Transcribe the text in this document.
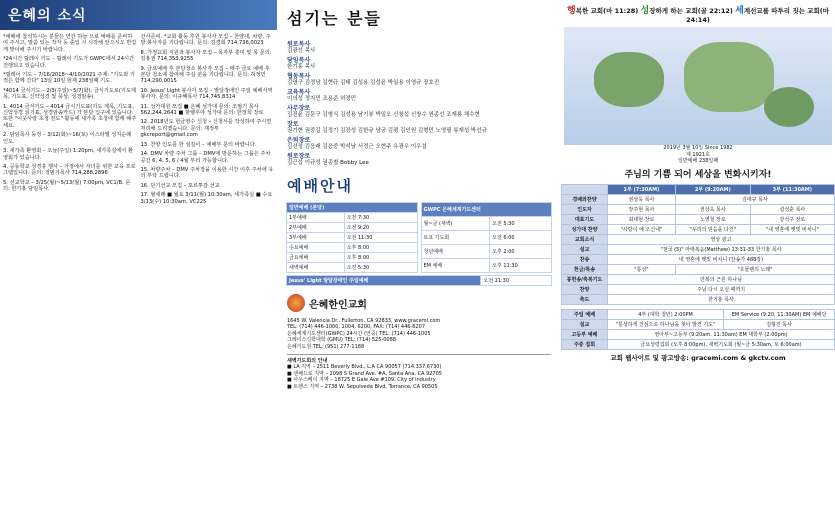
은혜의 소식

*예배에 참석하시는 분들은 연간 하늘 으로 예배를 준비하여 주시고, 말씀 있는 작자 등 출입 시 시작해 앞으시오 반갑게 맞이해 주시기 바랍니다.

*24시간 릴레이 기도 – 릴레이 기도가 GWPC에서 24시간 진행되고 있습니다.

*릴레이 기도 – 7/16/2018~4/10/2021 주제: "기도와 기적은 함께 간다" 13일 10일 현재 238일째 기도.

*4014 금식기도 – 2/3(주일)~5/7(화), 금식기도로(기도제목, 기도표, 신약성경 및 묵상, 성경암송)

1. 4014 금식기도 – 4014 금식기도표(기도 제목, 기도표, 신약성경 읽기표, 성경암송카드) 가 본당 입구에 있습니다. 또한 "이웃사랑 초청 전도" 활동에 새가족 초청에 함께 해주세요.

2. 담임목사 동정 – 3/12(화)~16(토) 이스라엘 성지순례 인도.

3. 새가족 환영회 – 오늘(주일) 1:20pm, 새가족실에서 환영회가 있습니다.

4. 공동학교 성경휴 행사 – 가정에서 자녀를 위한 교육 프로그램입니다. 문의: 정범기목사 714,288,2896

5. 선교학교 – 3/25(월)~5/13(월) 7:00pm, VC1/B. 문의: 한기홍 담임목사.

간사준비. *교회 활동 후원 봉사자 모집 – 찬양대, 차량, 주방 봉사자를 기다립니다. 문의: 김경회 714,736,0023

8. 가정교회 지원과 봉사자 모집 – 목자부 흥미 및 목 문의: 김홍권 714,353,9255

9. 금요예배 후 본당청소 봉사자 모집 – 매주 금요 예배 후 본당 청소에 참여해 주실 분을 기다립니다. 문의: 허정민 714,290,0015

10. Jesus' Light 봉사자 모집 – 발달장애인 주일 예배사역 봉사자. 문의: 이규혜목사 714,745,8314

11. 성가대원 모집 ■ 은혜 성가대 문의: 조필기 목사 562,244,2641 ■ 할렐루야 성가대 문의: 한정희 장로

12. 2018년도 헌금영수 신청 – 신청서를 작성하여 주시면 처리해 드리겠습니다. 문의: 재정부 gkcreport@gmail.com

13. 찬양 인도를 한 섬김이 – 예배부 문의 바랍니다.

14. DMV 차량 주차 그룹 – DMV에 방문하는 그룹은 주차 공간 6, 4, 5, 6 / 4월 부터 가능합니다.

15. 차량주차 – DMV 주차장을 이용한 시간 이후 주차에 유의 부탁 드립니다.

16. 단기선교 모집 – 포르투갈 선교

17. 혈세례 ■ 월요 3/11(월) 10:30am, 세가족실 ■ 수요 3/13(수) 10:30am, VC225

섬기는 분들
원로목사
김광선 목사
담임목사
한기홍 목사
협동목사
김영구 김정남 김현규 김태 김성용 김성윤 박일용 이영규 장호진
교육목사
이의성 정지민 조용준 허정민
사무장로
김진윤 김문구 김형식 김성용 남기봉 박일오 신창섭 신창수 원종선 조재룡 채수현
장로
권기현 권중길 김정기 김장성 김한규 남궁 김평 김인원 김형민 노영필 류재성 박선규
은퇴장로
김선정 김응래 김응중 박석남 서정근 오현주 유광우 이우섭
원로장로
김근섭 이규성 권종철 Bobby Lee
예배안내
일반예배 (본당)	
1부예배	오전 7:30
2부예배	오전 9:20
3부예배	오전 11:30
수요예배	오후 8:00
금요예배	오후 8:00
새벽예배	오전 5:30
GWPC 은혜세계기도센터	
월~금 (새벽)	오전 5:30
토요 기도회	오전 6:00
청년예배	오후 2:00
EM 예배	오후 11:30
Jesus' Light 발달장애인 주일예배	오전 11:30
은혜한인교회
1645 W. Valencia Dr., Fullerton, CA 92833, www.gracemi.com
TEL: (714) 446-1000, 1004, 6200, FAX: (714) 446-6207
은혜세계기도센터(GWPC) 24시간 (연중) TEL: (714) 446-1005
그레이스신학대학 (GMU) TEL: (714) 525-0088
은혜기도원 TEL: (951) 277-1188
새벽기도회의 안내
■ LA 지역 – 2511 Beverly Blvd., L.A CA 90057 (714.337.6730)
■ 샌페드로 지역 – 2098 S Grand Ave. #A, Santa Ana, CA 92705
■ 사우스베이 지역 – 18725 E Gale Ave #109, City of Industry
■ 토렌스 지역 – 2738 W. Sepulveda Blvd, Torrance, CA 90505
행복한 교회(마 11:28) 성장하게 하는 교회(골 22:12) 세계선교를 따투리 짓는 교회(마 24:14)
2019년 3월 10일 Since 1982
제 1921호
일반예배 238일째
주님의 기쁨 되어 세상을 변화시키자!
	1부 (7:30AM)	2부 (9:20AM)	3부 (11:30AM)
경배와찬양	권상욱 목사	김태규 목사	
인도자	장주현 목사	권상욱 목사	설성훈 목사
대표기도	최대현 장로	노영철 장로	강석구 장로
성가대 찬양	"사랑이 예 오신네"	"우리의 믿음을 다진"	"내 영혼에 햇빛 비치니"
교회소식	영상 광고		
설교	"천국 (5)" 마태복음(Matthew) 13:31-33 한기홍 목사		
찬송	내 영혼에 햇빛 비치니 (찬송가 488장)		
헌금/특송	"통성"	"흐물렌의 노래"	
봉헌송/축복기도	만복의 근원 하나님		
찬양	주님 다시 오실 때까지		
축도	한기홍 목사		
주일 예배	4부 (대학 청년) 2:00PM	EM Service (9:20, 11:30AM) EM 예배당
설교	"통성하게 진심으로 하나님을 찾아 발견 기도"	김형진 목사
고등부 예배	영아부~고등부 (9:20am, 11:30am) EM 대학부 (2:00pm)	
주중 집회	금요성령집회 (오후 8:00pm), 새벽기도회 (월~금 5:30am, 토 6:00am)	
교회 웹사이트 및 광고방송: gracemi.com & gkctv.com
